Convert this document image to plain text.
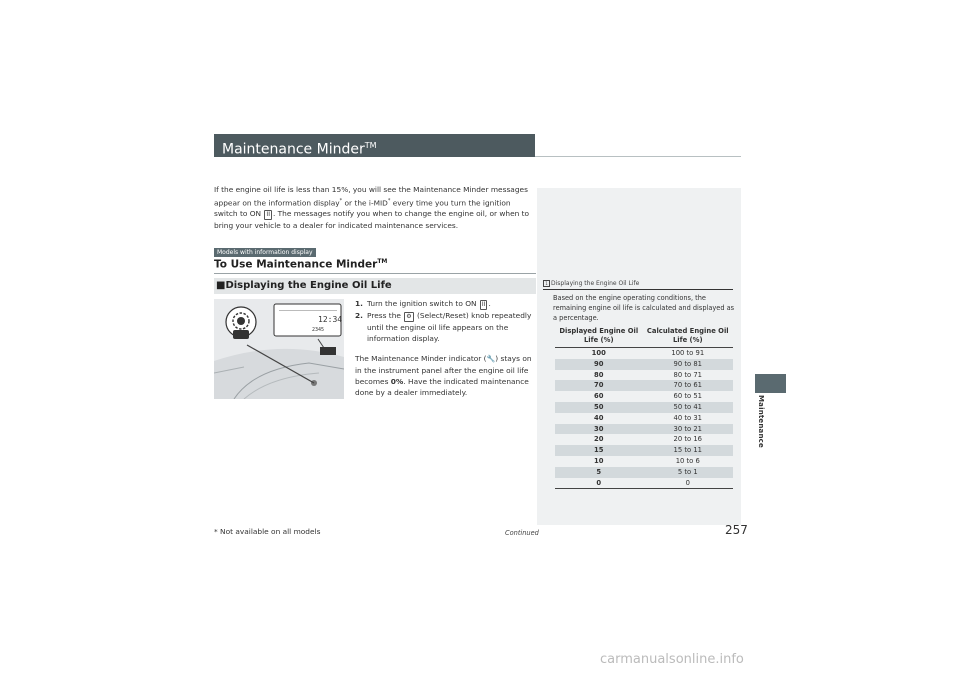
Maintenance Minder™
If the engine oil life is less than 15%, you will see the Maintenance Minder messages appear on the information display* or the i-MID* every time you turn the ignition switch to ON II . The messages notify you when to change the engine oil, or when to bring your vehicle to a dealer for indicated maintenance services.
Models with information display
To Use Maintenance Minder™
■Displaying the Engine Oil Life
12:34
2345
1. Turn the ignition switch to ON II .
2. Press the ⚙ (Select/Reset) knob repeatedly until the engine oil life appears on the information display.

The Maintenance Minder indicator (🔧) stays on in the instrument panel after the engine oil life becomes 0%. Have the indicated maintenance done by a dealer immediately.

1 Displaying the Engine Oil Life
Based on the engine operating conditions, the remaining engine oil life is calculated and displayed as a percentage.
Displayed Engine Oil Life (%)	Calculated Engine Oil Life (%)
100	100 to 91
90	90 to 81
80	80 to 71
70	70 to 61
60	60 to 51
50	50 to 41
40	40 to 31
30	30 to 21
20	20 to 16
15	15 to 11
10	10 to 6
5	5 to 1
0	0
Maintenance
* Not available on all models	Continued	257
carmanualsonline.info
